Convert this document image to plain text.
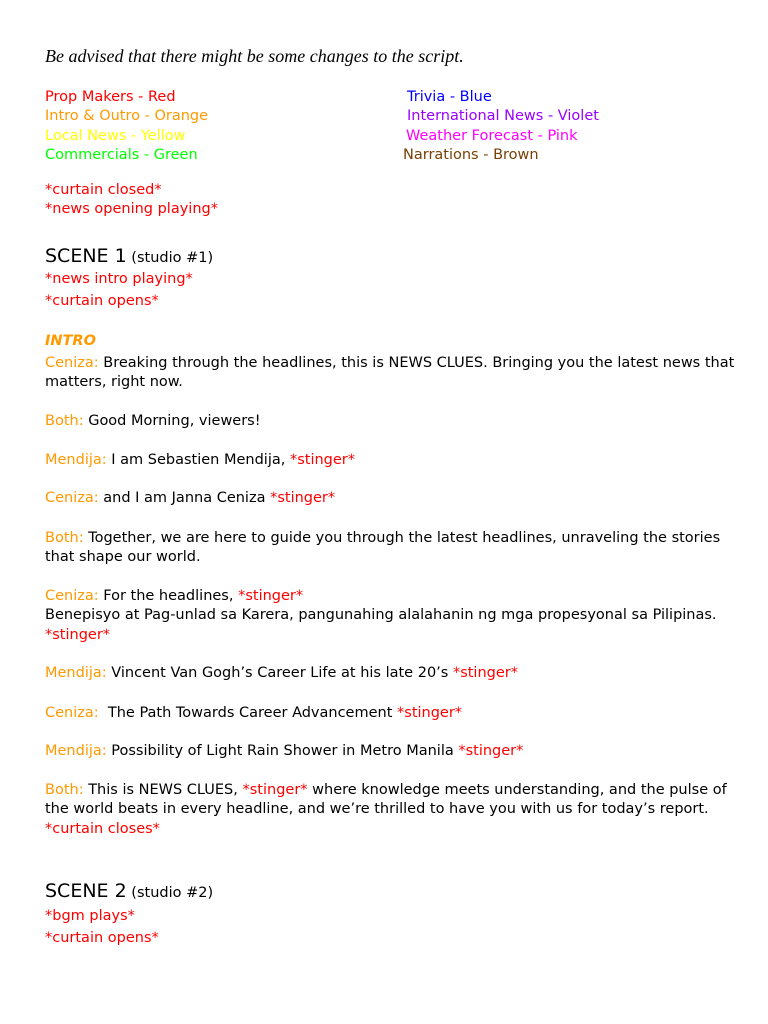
Be advised that there might be some changes to the script.
Prop Makers - Red
Intro & Outro - Orange
Local News - Yellow
Commercials - Green
Trivia - Blue
International News - Violet
Weather Forecast - Pink
Narrations - Brown
*curtain closed*
*news opening playing*
SCENE 1 (studio #1)
*news intro playing*
*curtain opens*
INTRO
Ceniza: Breaking through the headlines, this is NEWS CLUES. Bringing you the latest news that matters, right now.
Both: Good Morning, viewers!
Mendija: I am Sebastien Mendija, *stinger*
Ceniza: and I am Janna Ceniza *stinger*
Both: Together, we are here to guide you through the latest headlines, unraveling the stories that shape our world.
Ceniza: For the headlines, *stinger*
Benepisyo at Pag-unlad sa Karera, pangunahing alalahanin ng mga propesyonal sa Pilipinas. *stinger*
Mendija: Vincent Van Gogh’s Career Life at his late 20’s *stinger*
Ceniza:  The Path Towards Career Advancement *stinger*
Mendija: Possibility of Light Rain Shower in Metro Manila *stinger*
Both: This is NEWS CLUES, *stinger* where knowledge meets understanding, and the pulse of the world beats in every headline, and we’re thrilled to have you with us for today’s report.
*curtain closes*
SCENE 2 (studio #2)
*bgm plays*
*curtain opens*
